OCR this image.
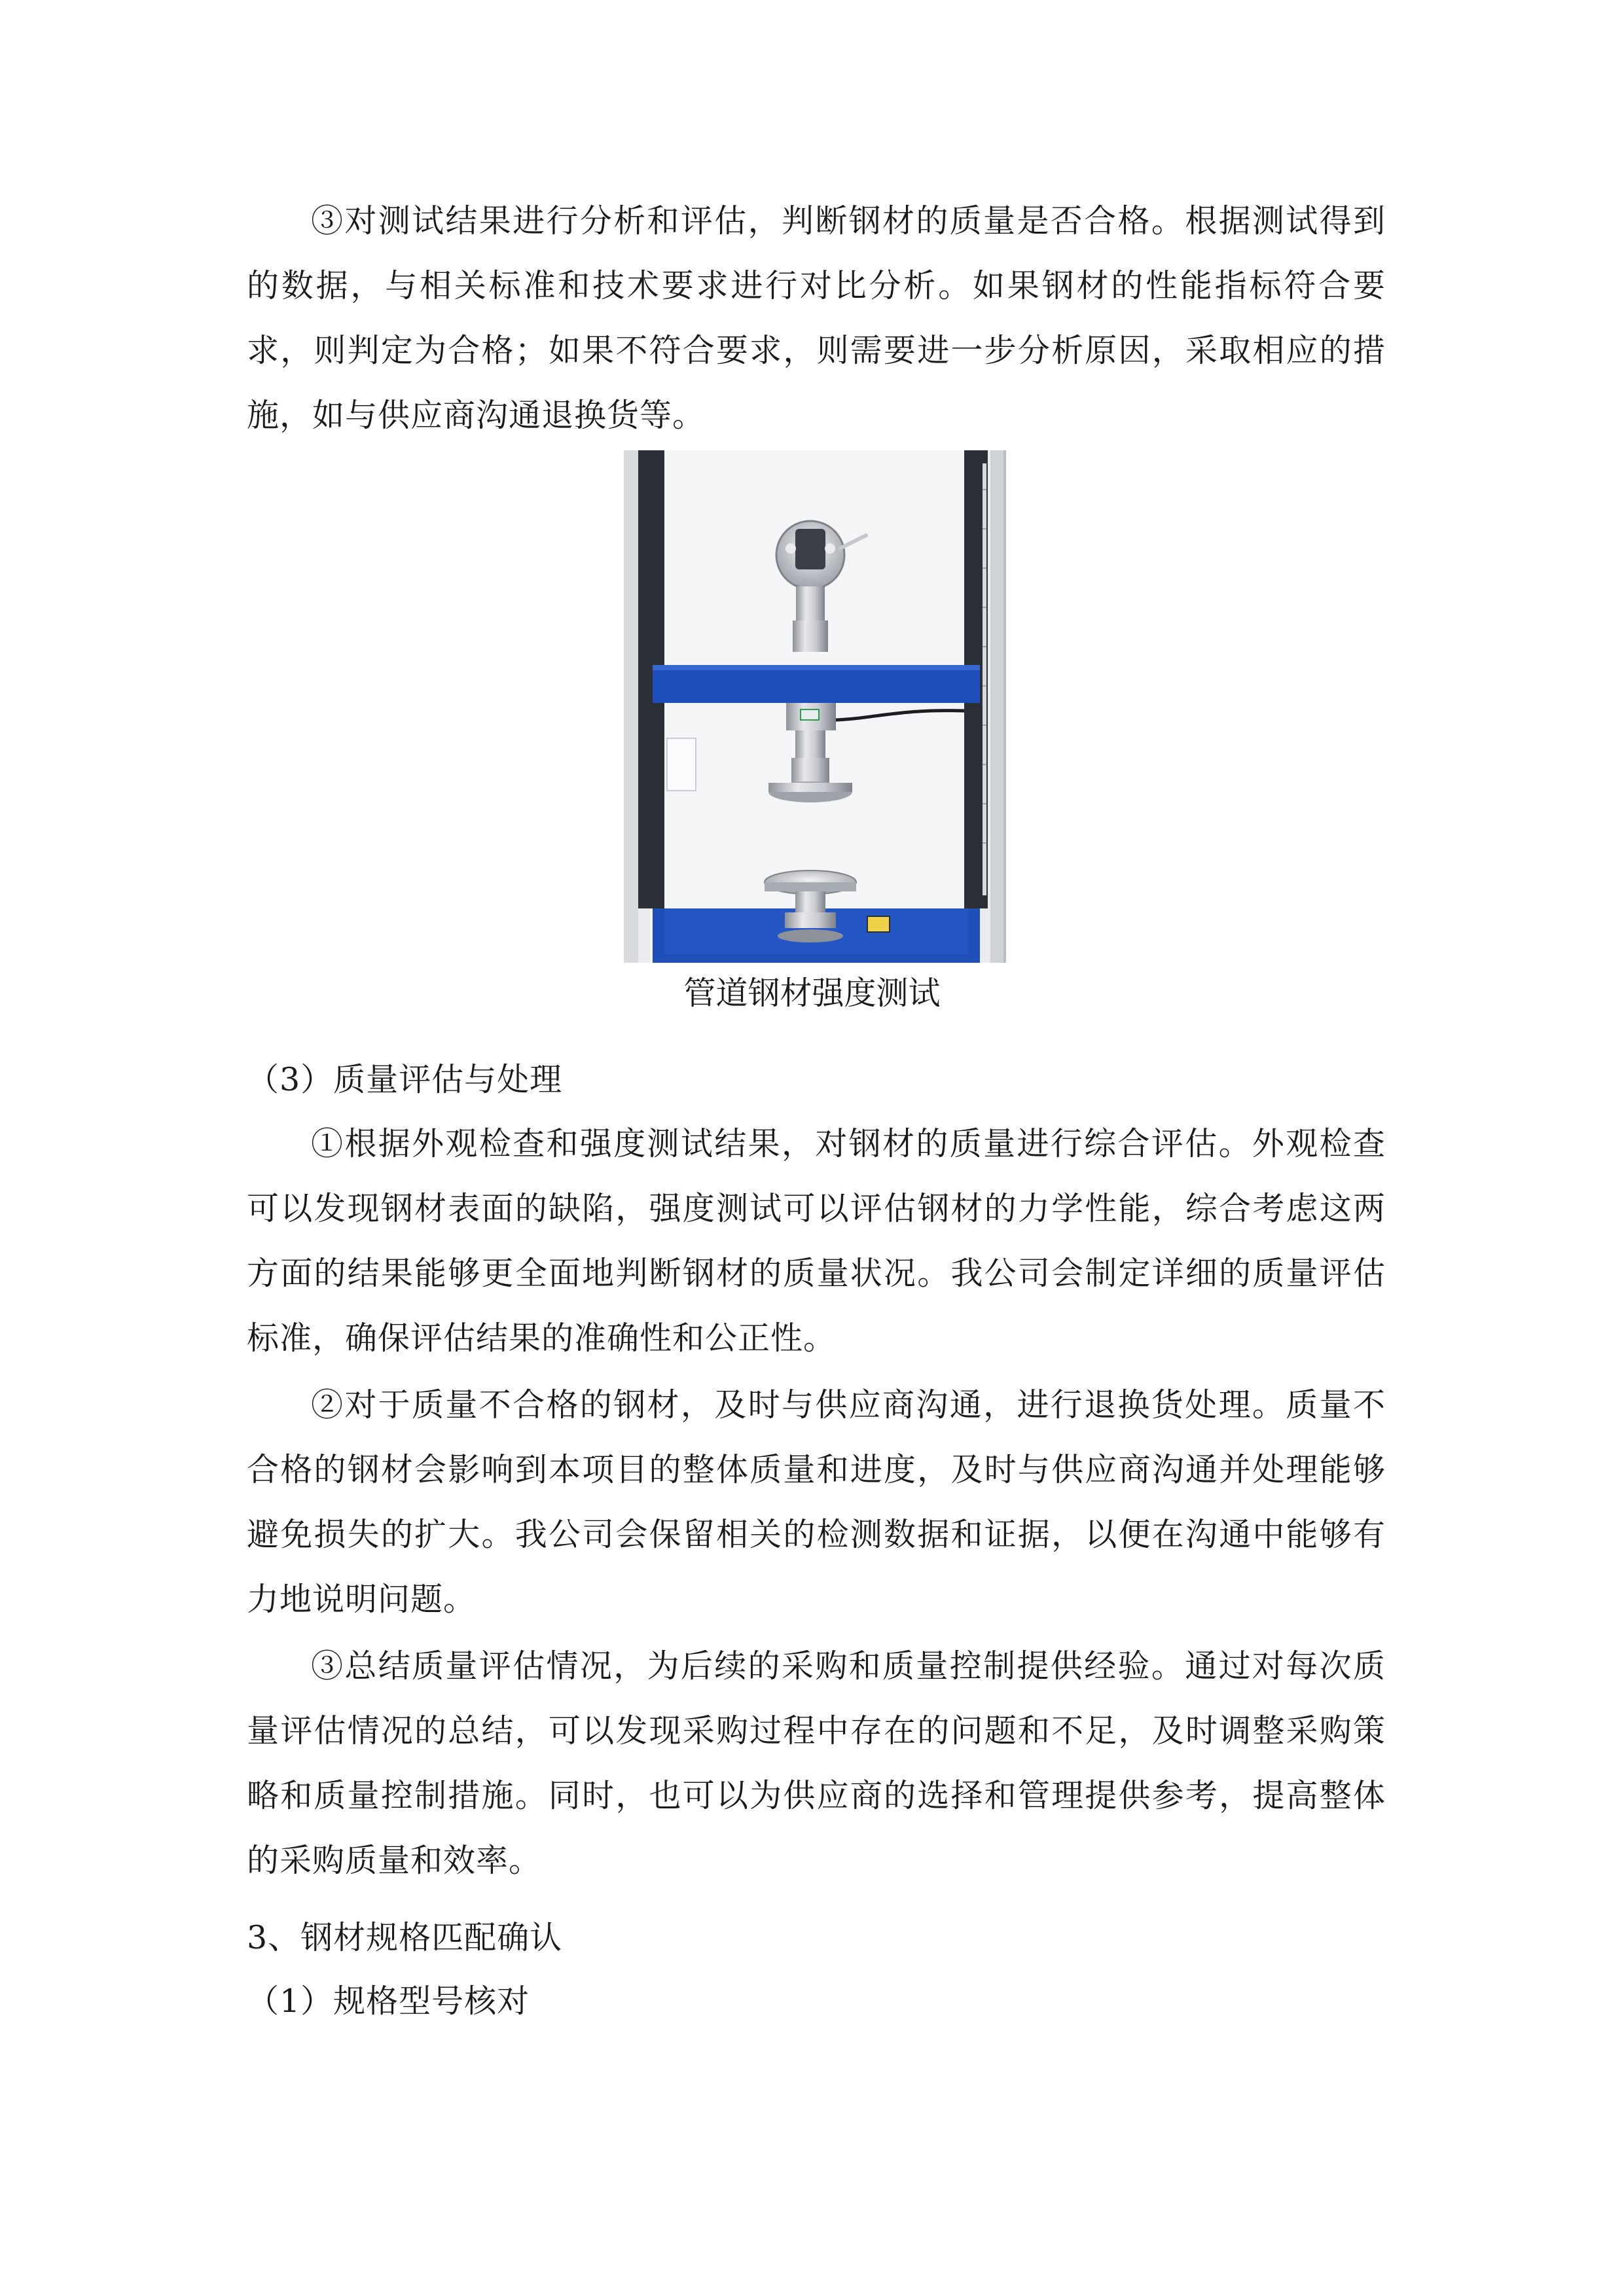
③对测试结果进行分析和评估，判断钢材的质量是否合格。根据测试得到的数据，与相关标准和技术要求进行对比分析。如果钢材的性能指标符合要求，则判定为合格；如果不符合要求，则需要进一步分析原因，采取相应的措施，如与供应商沟通退换货等。

管道钢材强度测试
（3）质量评估与处理

①根据外观检查和强度测试结果，对钢材的质量进行综合评估。外观检查可以发现钢材表面的缺陷，强度测试可以评估钢材的力学性能，综合考虑这两方面的结果能够更全面地判断钢材的质量状况。我公司会制定详细的质量评估标准，确保评估结果的准确性和公正性。

②对于质量不合格的钢材，及时与供应商沟通，进行退换货处理。质量不合格的钢材会影响到本项目的整体质量和进度，及时与供应商沟通并处理能够避免损失的扩大。我公司会保留相关的检测数据和证据，以便在沟通中能够有力地说明问题。

③总结质量评估情况，为后续的采购和质量控制提供经验。通过对每次质量评估情况的总结，可以发现采购过程中存在的问题和不足，及时调整采购策略和质量控制措施。同时，也可以为供应商的选择和管理提供参考，提高整体的采购质量和效率。

3、钢材规格匹配确认
（1）规格型号核对
